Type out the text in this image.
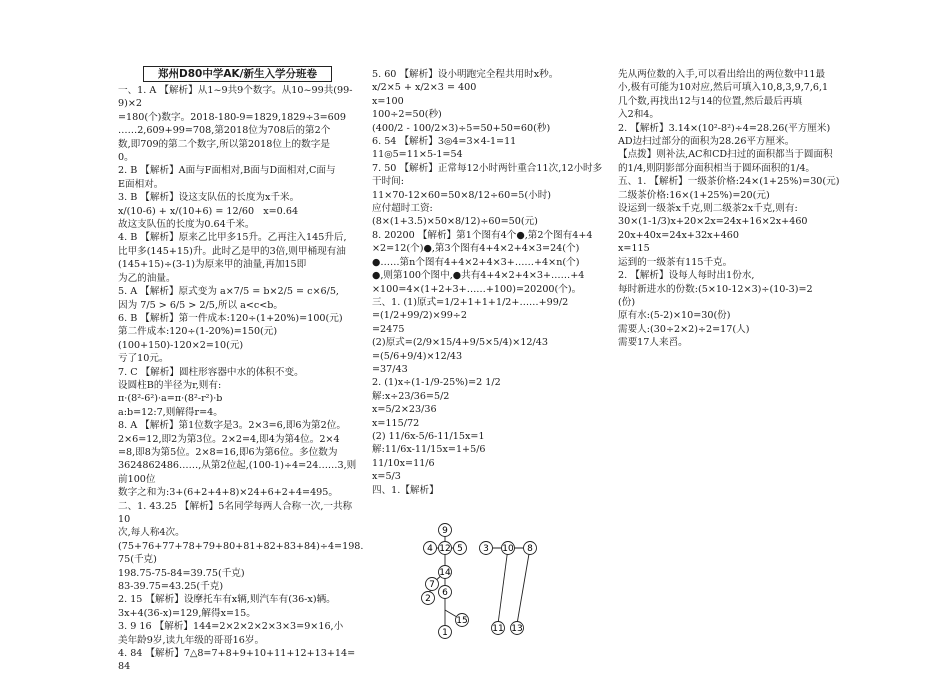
郑州D80中学AK/新生入学分班卷

一、1. A 【解析】从1~9共9个数字。从10~99共(99-9)×2

=180(个)数字。2018-180-9=1829,1829÷3=609

……2,609+99=708,第2018位为708后的第2个

数,即709的第二个数字,所以第2018位上的数字是

0。

2. B 【解析】A面与F面相对,B面与D面相对,C面与

E面相对。

3. B 【解析】设这支队伍的长度为x千米。

x/(10-6) + x/(10+6) = 12/60   x=0.64

故这支队伍的长度为0.64千米。

4. B 【解析】原来乙比甲多15升。乙再注入145升后,

比甲多(145+15)升。此时乙是甲的3倍,则甲桶现有油

(145+15)÷(3-1)为原来甲的油量,再加15即

为乙的油量。

5. A 【解析】原式变为 a×7/5 = b×2/5 = c×6/5,

因为 7/5 > 6/5 > 2/5,所以 a<c<b。

6. B 【解析】第一件成本:120÷(1+20%)=100(元)

第二件成本:120÷(1-20%)=150(元)

(100+150)-120×2=10(元)

亏了10元。

7. C 【解析】圆柱形容器中水的体积不变。

设圆柱B的半径为r,则有:

π·(8²-6²)·a=π·(8²-r²)·b

a:b=12:7,则解得r=4。

8. A 【解析】第1位数字是3。2×3=6,即6为第2位。

2×6=12,即2为第3位。2×2=4,即4为第4位。2×4

=8,即8为第5位。2×8=16,即6为第6位。多位数为

3624862486……,从第2位起,(100-1)÷4=24……3,则前100位

数字之和为:3+(6+2+4+8)×24+6+2+4=495。

二、1. 43.25 【解析】5名同学每两人合称一次,一共称10

次,每人称4次。

(75+76+77+78+79+80+81+82+83+84)÷4=198.

75(千克)

198.75-75-84=39.75(千克)

83-39.75=43.25(千克)

2. 15 【解析】设摩托车有x辆,则汽车有(36-x)辆。

3x+4(36-x)=129,解得x=15。

3. 9 16 【解析】144=2×2×2×2×3×3=9×16,小

美年龄9岁,读九年级的哥哥16岁。

4. 84 【解析】7△8=7+8+9+10+11+12+13+14=

84

5. 60 【解析】设小明跑完全程共用时x秒。

x/2×5 + x/2×3 = 400

x=100

100÷2=50(秒)

(400/2 - 100/2×3)÷5=50+50=60(秒)

6. 54 【解析】3◎4=3×4-1=11

11◎5=11×5-1=54

7. 50 【解析】正常每12小时两针重合11次,12小时多

干时间:

11×70-12×60=50×8/12÷60=5(小时)

应付超时工资:

(8×(1+3.5)×50×8/12)÷60=50(元)

8. 20200 【解析】第1个图有4个●,第2个图有4+4

×2=12(个)●,第3个图有4+4×2+4×3=24(个)

●……第n个图有4+4×2+4×3+……+4×n(个)

●,则第100个图中,●共有4+4×2+4×3+……+4

×100=4×(1+2+3+……+100)=20200(个)。

三、1. (1)原式=1/2+1+1+1/2+……+99/2

=(1/2+99/2)×99÷2

=2475

(2)原式=(2/9×15/4+9/5×5/4)×12/43

=(5/6+9/4)×12/43

=37/43

2. (1)x÷(1-1/9-25%)=2 1/2

解:x÷23/36=5/2

x=5/2×23/36

x=115/72

(2) 11/6x-5/6-11/15x=1

解:11/6x-11/15x=1+5/6

11/10x=11/6

x=5/3

四、1.【解析】

先从两位数的入手,可以看出给出的两位数中11最

小,极有可能为10对应,然后可填入10,8,3,9,7,6,1

几个数,再找出12与14的位置,然后最后再填

入2和4。

2. 【解析】3.14×(10²-8²)÷4=28.26(平方厘米)

AD边扫过部分的面积为28.26平方厘米。

【点拨】则补法,AC和CD扫过的面积都当于圆面积

的1/4,则阴影部分面积相当于圆环面积的1/4。

五、1. 【解析】一级茶价格:24×(1+25%)=30(元)

二级茶价格:16×(1+25%)=20(元)

设运到一级茶x千克,则二级茶2x千克,则有:

30×(1-1/3)x+20×2x=24x+16×2x+460

20x+40x=24x+32x+460

x=115

运到的一级茶有115千克。

2. 【解析】设每人每时出1份水,

每时新进水的份数:(5×10-12×3)÷(10-3)=2

(份)

原有水:(5-2)×10=30(份)

需要人:(30÷2×2)÷2=17(人)

需要17人来舀。

9
4 12 5 3 10 8
14
7
2
6
15
1	11 13
